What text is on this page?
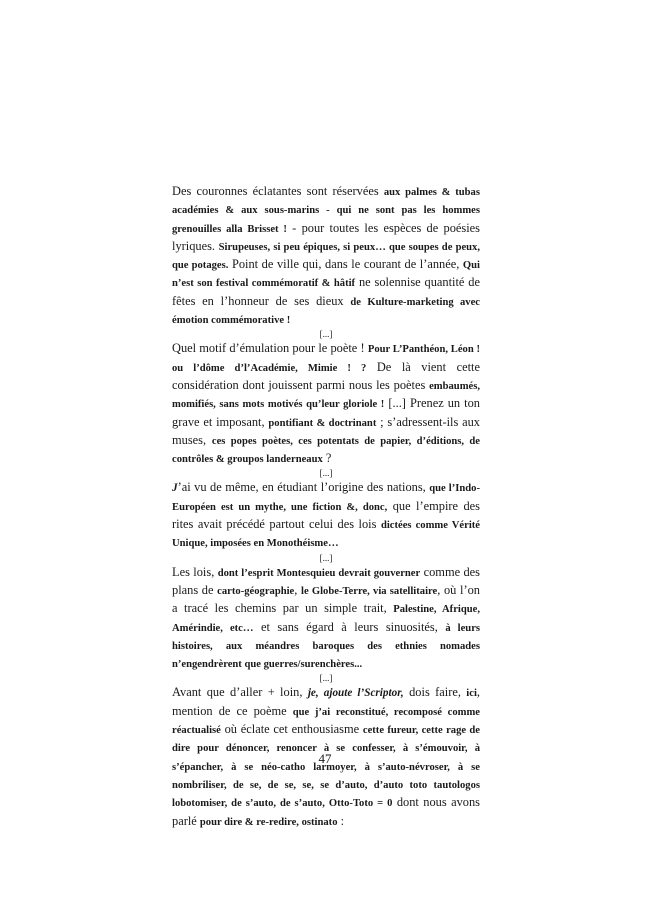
Des couronnes éclatantes sont réservées aux palmes & tubas académies & aux sous-marins - qui ne sont pas les hommes grenouilles alla Brisset ! - pour toutes les espèces de poésies lyriques. Sirupeuses, si peu épiques, si peux… que soupes de peux, que potages. Point de ville qui, dans le courant de l’année, Qui n’est son festival commémoratif & hâtif ne solennise quantité de fêtes en l’honneur de ses dieux de Kulture-marketing avec émotion commémorative !

[...]

Quel motif d’émulation pour le poète ! Pour L’Panthéon, Léon ! ou l’dôme d’l’Académie, Mimie ! ? De là vient cette considération dont jouissent parmi nous les poètes embaumés, momifiés, sans mots motivés qu’leur gloriole ! [...] Prenez un ton grave et imposant, pontifiant & doctrinant ; s’adressent-ils aux muses, ces popes poètes, ces potentats de papier, d’éditions, de contrôles & groupos landerneaux ?

[...]

J’ai vu de même, en étudiant l’origine des nations, que l’Indo-Européen est un mythe, une fiction &, donc, que l’empire des rites avait précédé partout celui des lois dictées comme Vérité Unique, imposées en Monothéisme…

[...]

Les lois, dont l’esprit Montesquieu devrait gouverner comme des plans de carto-géographie, le Globe-Terre, via satellitaire, où l’on a tracé les chemins par un simple trait, Palestine, Afrique, Amérindie, etc… et sans égard à leurs sinuosités, à leurs histoires, aux méandres baroques des ethnies nomades n’engendrèrent que guerres/surenchères...

[...]

Avant que d’aller + loin, je, ajoute l’Scriptor, dois faire, ici, mention de ce poème que j’ai reconstitué, recomposé comme réactualisé où éclate cet enthousiasme cette fureur, cette rage de dire pour dénoncer, renoncer à se confesser, à s’émouvoir, à s’épancher, à se néo-catho larmoyer, à s’auto-névroser, à se nombriliser, de se, de se, se, se d’auto, d’auto toto tautologos lobotomiser, de s’auto, de s’auto, Otto-Toto = 0 dont nous avons parlé pour dire & re-redire, ostinato :

47
